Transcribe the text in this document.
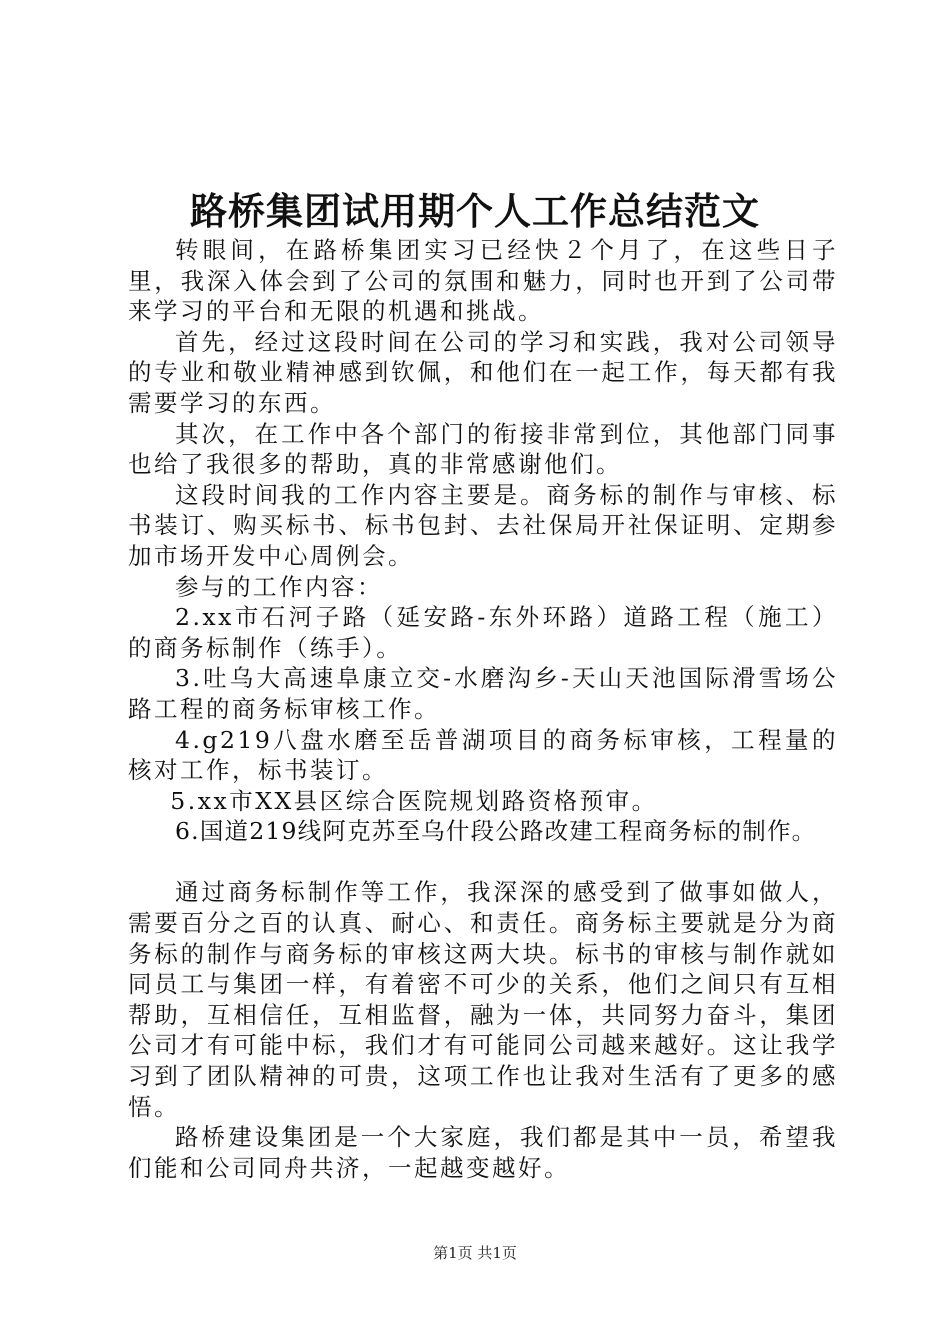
路桥集团试用期个人工作总结范文

转眼间，在路桥集团实习已经快２个月了，在这些日子里，我深入体会到了公司的氛围和魅力，同时也开到了公司带来学习的平台和无限的机遇和挑战。

首先，经过这段时间在公司的学习和实践，我对公司领导的专业和敬业精神感到钦佩，和他们在一起工作，每天都有我需要学习的东西。

其次，在工作中各个部门的衔接非常到位，其他部门同事也给了我很多的帮助，真的非常感谢他们。

这段时间我的工作内容主要是。商务标的制作与审核、标书装订、购买标书、标书包封、去社保局开社保证明、定期参加市场开发中心周例会。

参与的工作内容：

2.xx市石河子路（延安路-东外环路）道路工程（施工）的商务标制作（练手）。

3.吐乌大高速阜康立交-水磨沟乡-天山天池国际滑雪场公路工程的商务标审核工作。

4.g219八盘水磨至岳普湖项目的商务标审核，工程量的核对工作，标书装订。

5.xx市XX县区综合医院规划路资格预审。

6.国道219线阿克苏至乌什段公路改建工程商务标的制作。

通过商务标制作等工作，我深深的感受到了做事如做人，需要百分之百的认真、耐心、和责任。商务标主要就是分为商务标的制作与商务标的审核这两大块。标书的审核与制作就如同员工与集团一样，有着密不可少的关系，他们之间只有互相帮助，互相信任，互相监督，融为一体，共同努力奋斗，集团公司才有可能中标，我们才有可能同公司越来越好。这让我学习到了团队精神的可贵，这项工作也让我对生活有了更多的感悟。

路桥建设集团是一个大家庭，我们都是其中一员，希望我们能和公司同舟共济，一起越变越好。

第1页 共1页
